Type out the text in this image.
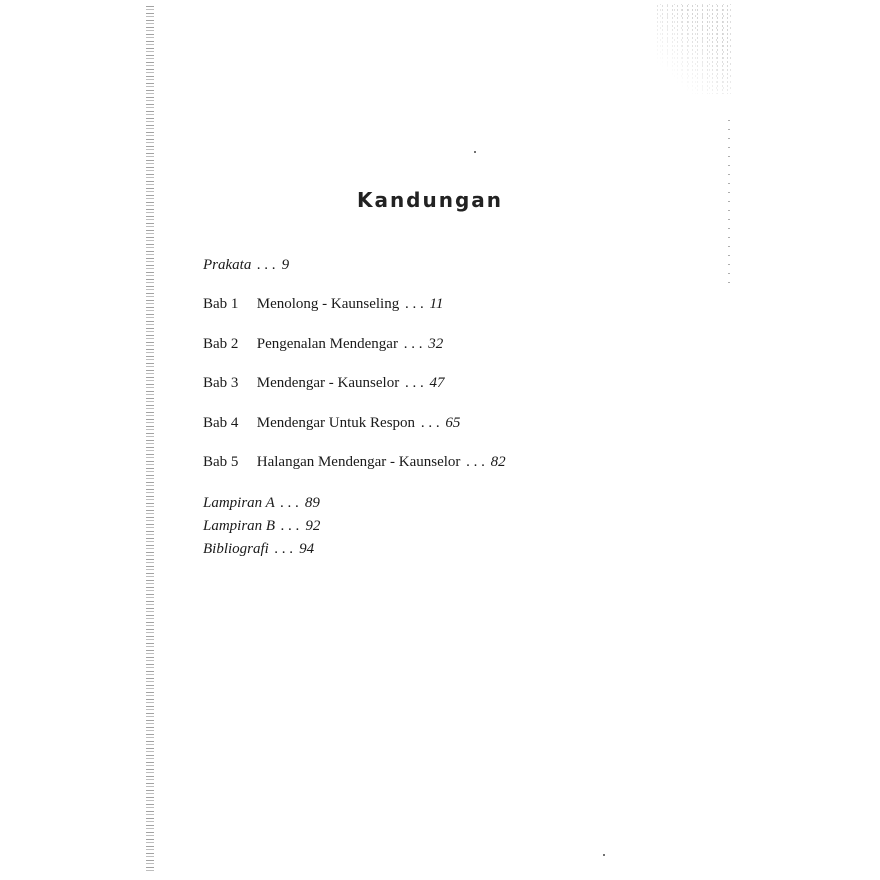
Kandungan
Prakata . . . 9
Bab 1 Menolong - Kaunseling . . . 11
Bab 2 Pengenalan Mendengar . . . 32
Bab 3 Mendengar - Kaunselor . . . 47
Bab 4 Mendengar Untuk Respon . . . 65
Bab 5 Halangan Mendengar - Kaunselor . . . 82
Lampiran A . . . 89
Lampiran B . . . 92
Bibliografi . . . 94
